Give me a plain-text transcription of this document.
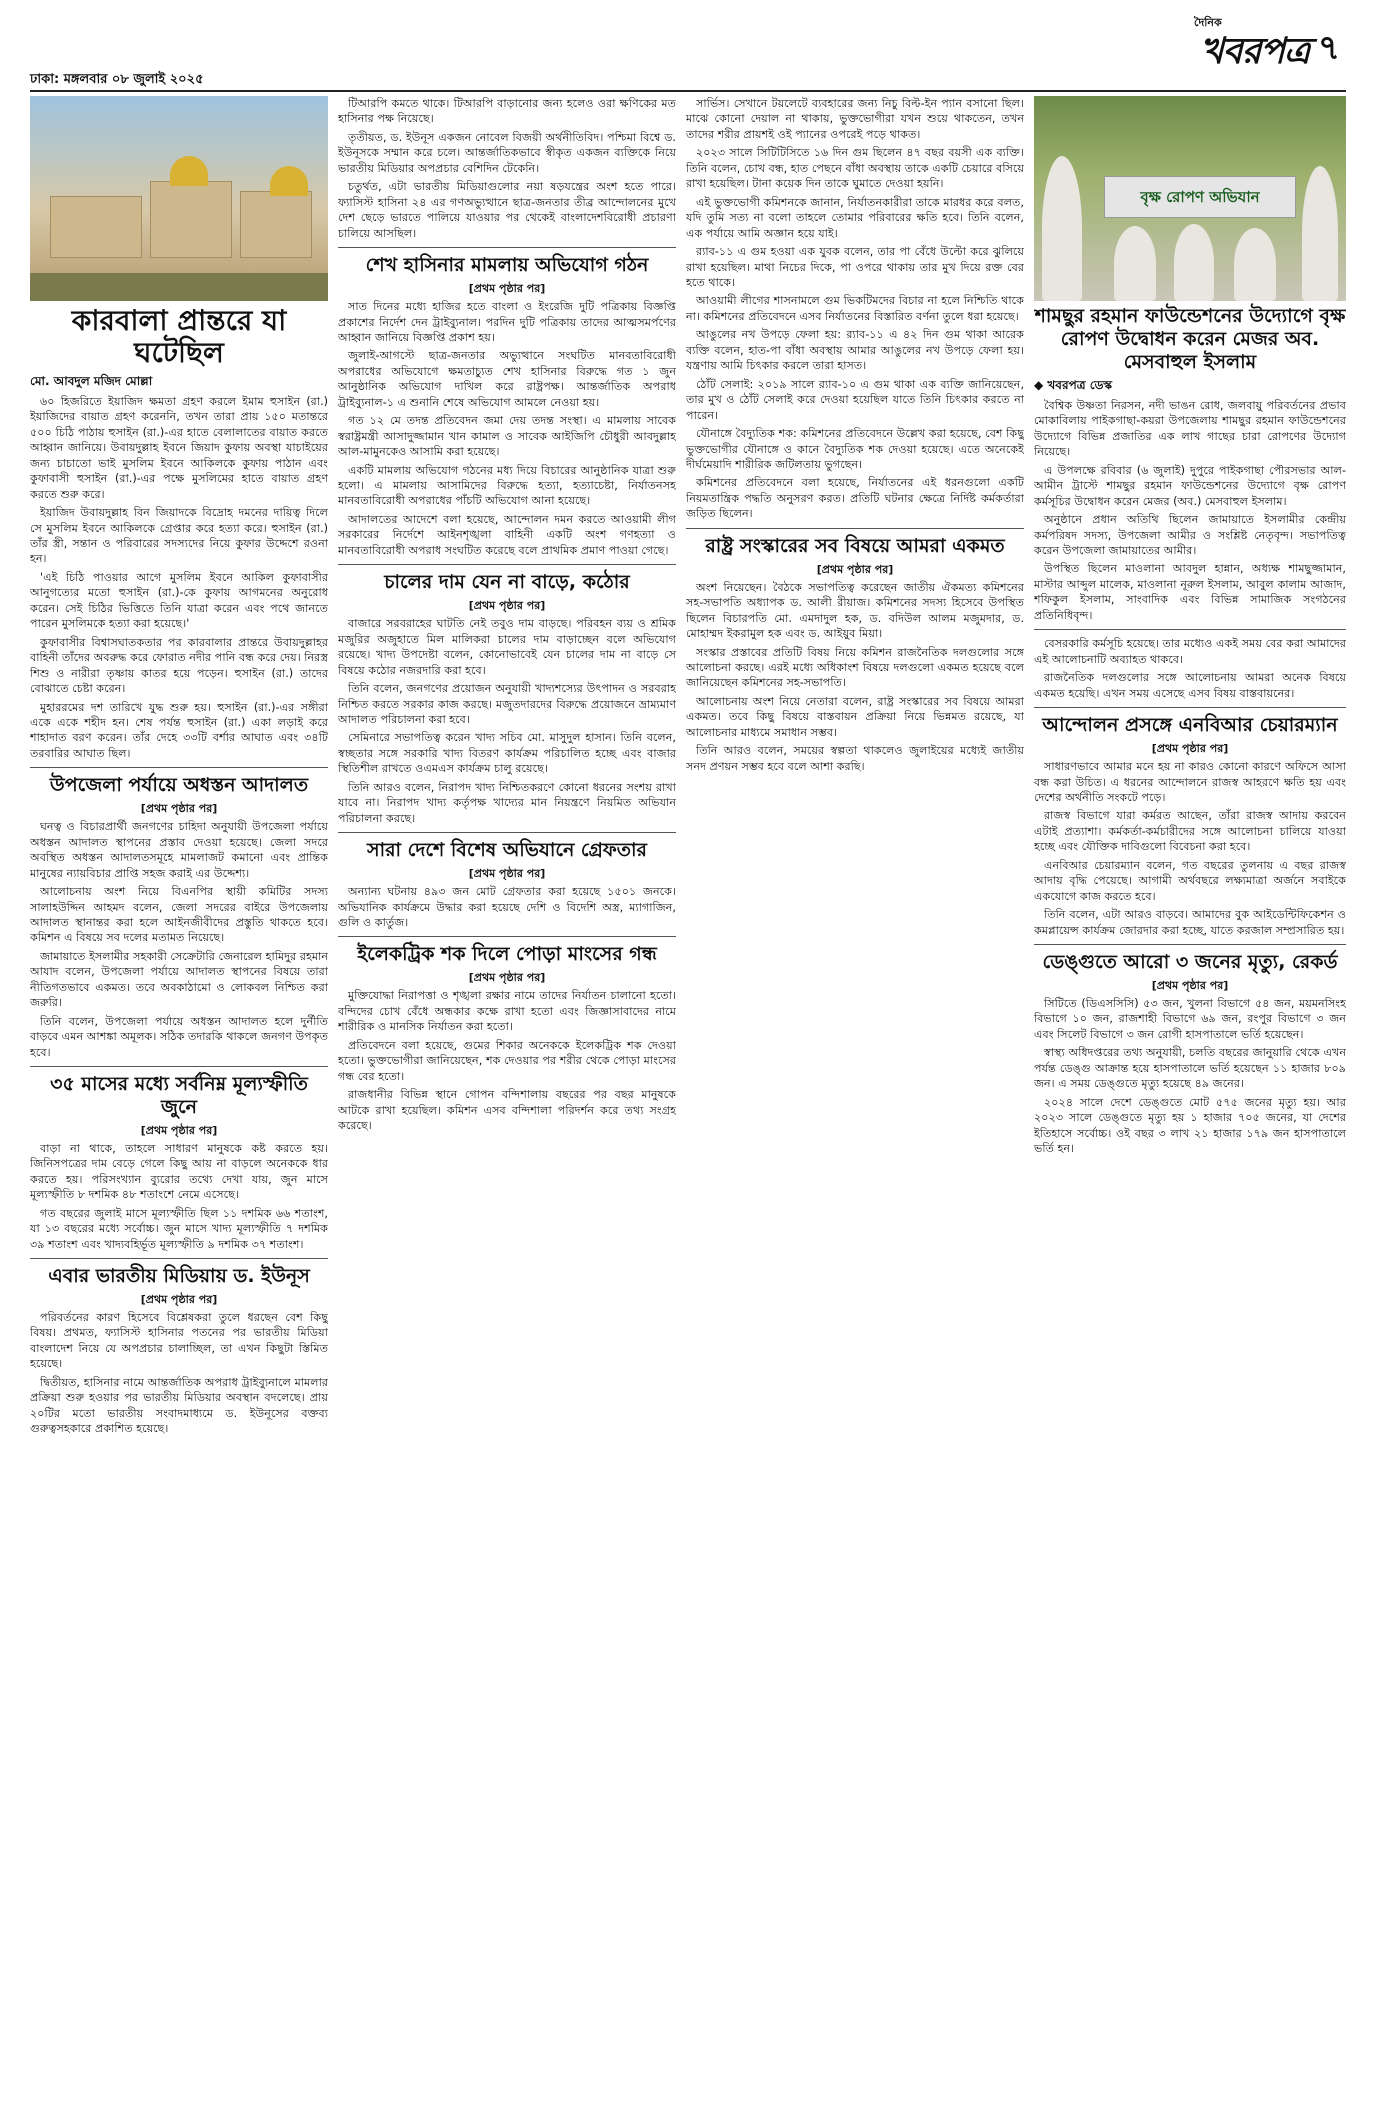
ঢাকা: মঙ্গলবার ০৮ জুলাই ২০২৫
দৈনিক
খবরপত্র ৭
কারবালা প্রান্তরে যা ঘটেছিল
মো. আবদুল মজিদ মোল্লা

৬০ হিজরিতে ইয়াজিদ ক্ষমতা গ্রহণ করলে ইমাম হুসাইন (রা.) ইয়াজিদের বায়াত গ্রহণ করেননি, তখন তারা প্রায় ১৫০ মতান্তরে ৫০০ চিঠি পাঠায় হুসাইন (রা.)-এর হাতে বেলালাতের বায়াত করতে আহ্বান জানিয়ে। উবায়দুল্লাহ ইবনে জিয়াদ কুফায় অবস্থা যাচাইয়ের জন্য চাচাতো ভাই মুসলিম ইবনে আকিলকে কুফায় পাঠান এবং কুফাবাসী হুসাইন (রা.)-এর পক্ষে মুসলিমের হাতে বায়াত গ্রহণ করতে শুরু করে।

ইয়াজিদ উবায়দুল্লাহ বিন জিয়াদকে বিদ্রোহ দমনের দায়িত্ব দিলে সে মুসলিম ইবনে আকিলকে গ্রেপ্তার করে হত্যা করে। হুসাইন (রা.) তাঁর স্ত্রী, সন্তান ও পরিবারের সদস্যদের নিয়ে কুফার উদ্দেশে রওনা হন।

'এই চিঠি পাওয়ার আগে মুসলিম ইবনে আকিল কুফাবাসীর আনুগত্যের মতো হুসাইন (রা.)-কে কুফায় আগমনের অনুরোধ করেন। সেই চিঠির ভিত্তিতে তিনি যাত্রা করেন এবং পথে জানতে পারেন মুসলিমকে হত্যা করা হয়েছে।'

কুফাবাসীর বিশ্বাসঘাতকতার পর কারবালার প্রান্তরে উবায়দুল্লাহর বাহিনী তাঁদের অবরুদ্ধ করে ফোরাত নদীর পানি বন্ধ করে দেয়। নিরস্ত্র শিশু ও নারীরা তৃষ্ণায় কাতর হয়ে পড়েন। হুসাইন (রা.) তাদের বোঝাতে চেষ্টা করেন।

মুহাররমের দশ তারিখে যুদ্ধ শুরু হয়। হুসাইন (রা.)-এর সঙ্গীরা একে একে শহীদ হন। শেষ পর্যন্ত হুসাইন (রা.) একা লড়াই করে শাহাদাত বরণ করেন। তাঁর দেহে ৩৩টি বর্শার আঘাত এবং ৩৪টি তরবারির আঘাত ছিল।

উপজেলা পর্যায়ে অধস্তন আদালত
[প্রথম পৃষ্ঠার পর]

ঘনত্ব ও বিচারপ্রার্থী জনগণের চাহিদা অনুযায়ী উপজেলা পর্যায়ে অধস্তন আদালত স্থাপনের প্রস্তাব দেওয়া হয়েছে। জেলা সদরে অবস্থিত অধস্তন আদালতসমূহে মামলাজট কমানো এবং প্রান্তিক মানুষের ন্যায়বিচার প্রাপ্তি সহজ করাই এর উদ্দেশ্য।

আলোচনায় অংশ নিয়ে বিএনপির স্থায়ী কমিটির সদস্য সালাহউদ্দিন আহমদ বলেন, জেলা সদরের বাইরে উপজেলায় আদালত স্থানান্তর করা হলে আইনজীবীদের প্রস্তুতি থাকতে হবে। কমিশন এ বিষয়ে সব দলের মতামত নিয়েছে।

জামায়াতে ইসলামীর সহকারী সেক্রেটারি জেনারেল হামিদুর রহমান আযাদ বলেন, উপজেলা পর্যায়ে আদালত স্থাপনের বিষয়ে তারা নীতিগতভাবে একমত। তবে অবকাঠামো ও লোকবল নিশ্চিত করা জরুরি।

তিনি বলেন, উপজেলা পর্যায়ে অধস্তন আদালত হলে দুর্নীতি বাড়বে এমন আশঙ্কা অমূলক। সঠিক তদারকি থাকলে জনগণ উপকৃত হবে।

৩৫ মাসের মধ্যে সর্বনিম্ন মূল্যস্ফীতি জুনে
[প্রথম পৃষ্ঠার পর]

বাড়া না থাকে, তাহলে সাধারণ মানুষকে কষ্ট করতে হয়। জিনিসপত্রের দাম বেড়ে গেলে কিছু আয় না বাড়লে অনেককে ধার করতে হয়। পরিসংখ্যান ব্যুরোর তথ্যে দেখা যায়, জুন মাসে মূল্যস্ফীতি ৮ দশমিক ৪৮ শতাংশে নেমে এসেছে।

গত বছরের জুলাই মাসে মূল্যস্ফীতি ছিল ১১ দশমিক ৬৬ শতাংশ, যা ১৩ বছরের মধ্যে সর্বোচ্চ। জুন মাসে খাদ্য মূল্যস্ফীতি ৭ দশমিক ৩৯ শতাংশ এবং খাদ্যবহির্ভূত মূল্যস্ফীতি ৯ দশমিক ৩৭ শতাংশ।

এবার ভারতীয় মিডিয়ায় ড. ইউনূস
[প্রথম পৃষ্ঠার পর]

পরিবর্তনের কারণ হিসেবে বিশ্লেষকরা তুলে ধরছেন বেশ কিছু বিষয়। প্রথমত, ফ্যাসিস্ট হাসিনার পতনের পর ভারতীয় মিডিয়া বাংলাদেশ নিয়ে যে অপপ্রচার চালাচ্ছিল, তা এখন কিছুটা স্তিমিত হয়েছে।

দ্বিতীয়ত, হাসিনার নামে আন্তর্জাতিক অপরাধ ট্রাইব্যুনালে মামলার প্রক্রিয়া শুরু হওয়ার পর ভারতীয় মিডিয়ার অবস্থান বদলেছে। প্রায় ২০টির মতো ভারতীয় সংবাদমাধ্যমে ড. ইউনূসের বক্তব্য গুরুত্বসহকারে প্রকাশিত হয়েছে।

টিআরপি কমতে থাকে। টিআরপি বাড়ানোর জন্য হলেও ওরা ক্ষণিকের মত হাসিনার পক্ষ নিয়েছে।

তৃতীয়ত, ড. ইউনূস একজন নোবেল বিজয়ী অর্থনীতিবিদ। পশ্চিমা বিশ্বে ড. ইউনূসকে সম্মান করে চলে। আন্তর্জাতিকভাবে স্বীকৃত একজন ব্যক্তিকে নিয়ে ভারতীয় মিডিয়ার অপপ্রচার বেশিদিন টেকেনি।

চতুর্থত, এটা ভারতীয় মিডিয়াগুলোর নয়া ষড়যন্ত্রের অংশ হতে পারে। ফ্যাসিস্ট হাসিনা ২৪ এর গণঅভ্যুত্থানে ছাত্র-জনতার তীব্র আন্দোলনের মুখে দেশ ছেড়ে ভারতে পালিয়ে যাওয়ার পর থেকেই বাংলাদেশবিরোধী প্রচারণা চালিয়ে আসছিল।

শেখ হাসিনার মামলায় অভিযোগ গঠন
[প্রথম পৃষ্ঠার পর]

সাত দিনের মধ্যে হাজির হতে বাংলা ও ইংরেজি দুটি পত্রিকায় বিজ্ঞপ্তি প্রকাশের নির্দেশ দেন ট্রাইব্যুনাল। পরদিন দুটি পত্রিকায় তাদের আত্মসমর্পণের আহ্বান জানিয়ে বিজ্ঞপ্তি প্রকাশ হয়।

জুলাই-আগস্টে ছাত্র-জনতার অভ্যুত্থানে সংঘটিত মানবতাবিরোধী অপরাধের অভিযোগে ক্ষমতাচ্যুত শেখ হাসিনার বিরুদ্ধে গত ১ জুন আনুষ্ঠানিক অভিযোগ দাখিল করে রাষ্ট্রপক্ষ। আন্তর্জাতিক অপরাধ ট্রাইব্যুনাল-১ এ শুনানি শেষে অভিযোগ আমলে নেওয়া হয়।

গত ১২ মে তদন্ত প্রতিবেদন জমা দেয় তদন্ত সংস্থা। এ মামলায় সাবেক স্বরাষ্ট্রমন্ত্রী আসাদুজ্জামান খান কামাল ও সাবেক আইজিপি চৌধুরী আবদুল্লাহ আল-মামুনকেও আসামি করা হয়েছে।

একটি মামলায় অভিযোগ গঠনের মধ্য দিয়ে বিচারের আনুষ্ঠানিক যাত্রা শুরু হলো। এ মামলায় আসামিদের বিরুদ্ধে হত্যা, হত্যাচেষ্টা, নির্যাতনসহ মানবতাবিরোধী অপরাধের পাঁচটি অভিযোগ আনা হয়েছে।

আদালতের আদেশে বলা হয়েছে, আন্দোলন দমন করতে আওয়ামী লীগ সরকারের নির্দেশে আইনশৃঙ্খলা বাহিনী একটি অংশ গণহত্যা ও মানবতাবিরোধী অপরাধ সংঘটিত করেছে বলে প্রাথমিক প্রমাণ পাওয়া গেছে।

চালের দাম যেন না বাড়ে, কঠোর
[প্রথম পৃষ্ঠার পর]

বাজারে সরবরাহের ঘাটতি নেই তবুও দাম বাড়ছে। পরিবহন ব্যয় ও শ্রমিক মজুরির অজুহাতে মিল মালিকরা চালের দাম বাড়াচ্ছেন বলে অভিযোগ রয়েছে। খাদ্য উপদেষ্টা বলেন, কোনোভাবেই যেন চালের দাম না বাড়ে সে বিষয়ে কঠোর নজরদারি করা হবে।

তিনি বলেন, জনগণের প্রয়োজন অনুযায়ী খাদ্যশস্যের উৎপাদন ও সরবরাহ নিশ্চিত করতে সরকার কাজ করছে। মজুতদারদের বিরুদ্ধে প্রয়োজনে ভ্রাম্যমাণ আদালত পরিচালনা করা হবে।

সেমিনারে সভাপতিত্ব করেন খাদ্য সচিব মো. মাসুদুল হাসান। তিনি বলেন, স্বচ্ছতার সঙ্গে সরকারি খাদ্য বিতরণ কার্যক্রম পরিচালিত হচ্ছে এবং বাজার স্থিতিশীল রাখতে ওএমএস কার্যক্রম চালু রয়েছে।

তিনি আরও বলেন, নিরাপদ খাদ্য নিশ্চিতকরণে কোনো ধরনের সংশয় রাখা যাবে না। নিরাপদ খাদ্য কর্তৃপক্ষ খাদ্যের মান নিয়ন্ত্রণে নিয়মিত অভিযান পরিচালনা করছে।

সারা দেশে বিশেষ অভিযানে গ্রেফতার
[প্রথম পৃষ্ঠার পর]

অন্যান্য ঘটনায় ৪৯৩ জন মোট গ্রেফতার করা হয়েছে ১৫০১ জনকে। অভিযানিক কার্যক্রমে উদ্ধার করা হয়েছে দেশি ও বিদেশি অস্ত্র, ম্যাগাজিন, গুলি ও কার্তুজ।

ইলেকট্রিক শক দিলে পোড়া মাংসের গন্ধ
[প্রথম পৃষ্ঠার পর]

মুক্তিযোদ্ধা নিরাপত্তা ও শৃঙ্খলা রক্ষার নামে তাদের নির্যাতন চালানো হতো। বন্দিদের চোখ বেঁধে অন্ধকার কক্ষে রাখা হতো এবং জিজ্ঞাসাবাদের নামে শারীরিক ও মানসিক নির্যাতন করা হতো।

প্রতিবেদনে বলা হয়েছে, গুমের শিকার অনেককে ইলেকট্রিক শক দেওয়া হতো। ভুক্তভোগীরা জানিয়েছেন, শক দেওয়ার পর শরীর থেকে পোড়া মাংসের গন্ধ বের হতো।

রাজধানীর বিভিন্ন স্থানে গোপন বন্দিশালায় বছরের পর বছর মানুষকে আটকে রাখা হয়েছিল। কমিশন এসব বন্দিশালা পরিদর্শন করে তথ্য সংগ্রহ করেছে।

সার্ভিস। সেখানে টয়লেটে ব্যবহারের জন্য নিচু বিল্ট-ইন প্যান বসানো ছিল। মাঝে কোনো দেয়াল না থাকায়, ভুক্তভোগীরা যখন শুয়ে থাকতেন, তখন তাদের শরীর প্রায়শই ওই প্যানের ওপরেই পড়ে থাকত।

২০২৩ সালে সিটিটিসিতে ১৬ দিন গুম ছিলেন ৪৭ বছর বয়সী এক ব্যক্তি। তিনি বলেন, চোখ বন্ধ, হাত পেছনে বাঁধা অবস্থায় তাকে একটি চেয়ারে বসিয়ে রাখা হয়েছিল। টানা কয়েক দিন তাকে ঘুমাতে দেওয়া হয়নি।

এই ভুক্তভোগী কমিশনকে জানান, নির্যাতনকারীরা তাকে মারধর করে বলত, যদি তুমি সত্য না বলো তাহলে তোমার পরিবারের ক্ষতি হবে। তিনি বলেন, এক পর্যায়ে আমি অজ্ঞান হয়ে যাই।

র‌্যাব-১১ এ গুম হওয়া এক যুবক বলেন, তার পা বেঁধে উল্টো করে ঝুলিয়ে রাখা হয়েছিল। মাথা নিচের দিকে, পা ওপরে থাকায় তার মুখ দিয়ে রক্ত বের হতে থাকে।

আওয়ামী লীগের শাসনামলে গুম ভিকটিমদের বিচার না হলে নিশ্চিতি থাকে না। কমিশনের প্রতিবেদনে এসব নির্যাতনের বিস্তারিত বর্ণনা তুলে ধরা হয়েছে।

আঙুলের নখ উপড়ে ফেলা হয়: র‌্যাব-১১ এ ৪২ দিন গুম থাকা আরেক ব্যক্তি বলেন, হাত-পা বাঁধা অবস্থায় আমার আঙুলের নখ উপড়ে ফেলা হয়। যন্ত্রণায় আমি চিৎকার করলে তারা হাসত।

ঠোঁট সেলাই: ২০১৯ সালে র‌্যাব-১০ এ গুম থাকা এক ব্যক্তি জানিয়েছেন, তার মুখ ও ঠোঁট সেলাই করে দেওয়া হয়েছিল যাতে তিনি চিৎকার করতে না পারেন।

যৌনাঙ্গে বৈদ্যুতিক শক: কমিশনের প্রতিবেদনে উল্লেখ করা হয়েছে, বেশ কিছু ভুক্তভোগীর যৌনাঙ্গে ও কানে বৈদ্যুতিক শক দেওয়া হয়েছে। এতে অনেকেই দীর্ঘমেয়াদি শারীরিক জটিলতায় ভুগছেন।

কমিশনের প্রতিবেদনে বলা হয়েছে, নির্যাতনের এই ধরনগুলো একটি নিয়মতান্ত্রিক পদ্ধতি অনুসরণ করত। প্রতিটি ঘটনার ক্ষেত্রে নির্দিষ্ট কর্মকর্তারা জড়িত ছিলেন।

রাষ্ট্র সংস্কারের সব বিষয়ে আমরা একমত
[প্রথম পৃষ্ঠার পর]

অংশ নিয়েছেন। বৈঠকে সভাপতিত্ব করেছেন জাতীয় ঐকমত্য কমিশনের সহ-সভাপতি অধ্যাপক ড. আলী রীয়াজ। কমিশনের সদস্য হিসেবে উপস্থিত ছিলেন বিচারপতি মো. এমদাদুল হক, ড. বদিউল আলম মজুমদার, ড. মোহাম্মদ ইকরামুল হক এবং ড. আইয়ুব মিয়া।

সংস্কার প্রস্তাবের প্রতিটি বিষয় নিয়ে কমিশন রাজনৈতিক দলগুলোর সঙ্গে আলোচনা করছে। এরই মধ্যে অধিকাংশ বিষয়ে দলগুলো একমত হয়েছে বলে জানিয়েছেন কমিশনের সহ-সভাপতি।

আলোচনায় অংশ নিয়ে নেতারা বলেন, রাষ্ট্র সংস্কারের সব বিষয়ে আমরা একমত। তবে কিছু বিষয়ে বাস্তবায়ন প্রক্রিয়া নিয়ে ভিন্নমত রয়েছে, যা আলোচনার মাধ্যমে সমাধান সম্ভব।

তিনি আরও বলেন, সময়ের স্বল্পতা থাকলেও জুলাইয়ের মধ্যেই জাতীয় সনদ প্রণয়ন সম্ভব হবে বলে আশা করছি।

বৃক্ষ রোপণ অভিযান
শামছুর রহমান ফাউন্ডেশনের উদ্যোগে বৃক্ষ রোপণ উদ্বোধন করেন মেজর অব. মেসবাহুল ইসলাম
◆ খবরপত্র ডেস্ক

বৈশ্বিক উষ্ণতা নিরসন, নদী ভাঙন রোধ, জলবায়ু পরিবর্তনের প্রভাব মোকাবিলায় পাইকগাছা-কয়রা উপজেলায় শামছুর রহমান ফাউন্ডেশনের উদ্যোগে বিভিন্ন প্রজাতির এক লাখ গাছের চারা রোপণের উদ্যোগ নিয়েছে।

এ উপলক্ষে রবিবার (৬ জুলাই) দুপুরে পাইকগাছা পৌরসভার আল-আমীন ট্রাস্টে শামছুর রহমান ফাউন্ডেশনের উদ্যোগে বৃক্ষ রোপণ কর্মসূচির উদ্বোধন করেন মেজর (অব.) মেসবাহুল ইসলাম।

অনুষ্ঠানে প্রধান অতিথি ছিলেন জামায়াতে ইসলামীর কেন্দ্রীয় কর্মপরিষদ সদস্য, উপজেলা আমীর ও সংশ্লিষ্ট নেতৃবৃন্দ। সভাপতিত্ব করেন উপজেলা জামায়াতের আমীর।

উপস্থিত ছিলেন মাওলানা আবদুল হান্নান, অধ্যক্ষ শামছুজ্জামান, মাস্টার আব্দুল মালেক, মাওলানা নূরুল ইসলাম, আবুল কালাম আজাদ, শফিকুল ইসলাম, সাংবাদিক এবং বিভিন্ন সামাজিক সংগঠনের প্রতিনিধিবৃন্দ।

বেসরকারি কর্মসূচি হয়েছে। তার মধ্যেও একই সময় বের করা আমাদের এই আলোচনাটি অব্যাহত থাকবে।

রাজনৈতিক দলগুলোর সঙ্গে আলোচনায় আমরা অনেক বিষয়ে একমত হয়েছি। এখন সময় এসেছে এসব বিষয় বাস্তবায়নের।

আন্দোলন প্রসঙ্গে এনবিআর চেয়ারম্যান
[প্রথম পৃষ্ঠার পর]

সাধারণভাবে আমার মনে হয় না কারও কোনো কারণে অফিসে আসা বন্ধ করা উচিত। এ ধরনের আন্দোলনে রাজস্ব আহরণে ক্ষতি হয় এবং দেশের অর্থনীতি সংকটে পড়ে।

রাজস্ব বিভাগে যারা কর্মরত আছেন, তাঁরা রাজস্ব আদায় করবেন এটাই প্রত্যাশা। কর্মকর্তা-কর্মচারীদের সঙ্গে আলোচনা চালিয়ে যাওয়া হচ্ছে এবং যৌক্তিক দাবিগুলো বিবেচনা করা হবে।

এনবিআর চেয়ারম্যান বলেন, গত বছরের তুলনায় এ বছর রাজস্ব আদায় বৃদ্ধি পেয়েছে। আগামী অর্থবছরে লক্ষ্যমাত্রা অর্জনে সবাইকে একযোগে কাজ করতে হবে।

তিনি বলেন, এটা আরও বাড়বে। আমাদের বুক আইডেন্টিফিকেশন ও কমপ্লায়েন্স কার্যক্রম জোরদার করা হচ্ছে, যাতে করজাল সম্প্রসারিত হয়।

ডেঙ্গুতে আরো ৩ জনের মৃত্যু, রেকর্ড
[প্রথম পৃষ্ঠার পর]

সিটিতে (ডিএসসিসি) ৫৩ জন, খুলনা বিভাগে ৫৪ জন, ময়মনসিংহ বিভাগে ১০ জন, রাজশাহী বিভাগে ৬৯ জন, রংপুর বিভাগে ৩ জন এবং সিলেট বিভাগে ৩ জন রোগী হাসপাতালে ভর্তি হয়েছেন।

স্বাস্থ্য অধিদপ্তরের তথ্য অনুযায়ী, চলতি বছরের জানুয়ারি থেকে এখন পর্যন্ত ডেঙ্গু আক্রান্ত হয়ে হাসপাতালে ভর্তি হয়েছেন ১১ হাজার ৮০৯ জন। এ সময় ডেঙ্গুতে মৃত্যু হয়েছে ৪৯ জনের।

২০২৪ সালে দেশে ডেঙ্গুতে মোট ৫৭৫ জনের মৃত্যু হয়। আর ২০২৩ সালে ডেঙ্গুতে মৃত্যু হয় ১ হাজার ৭০৫ জনের, যা দেশের ইতিহাসে সর্বোচ্চ। ওই বছর ৩ লাখ ২১ হাজার ১৭৯ জন হাসপাতালে ভর্তি হন।
